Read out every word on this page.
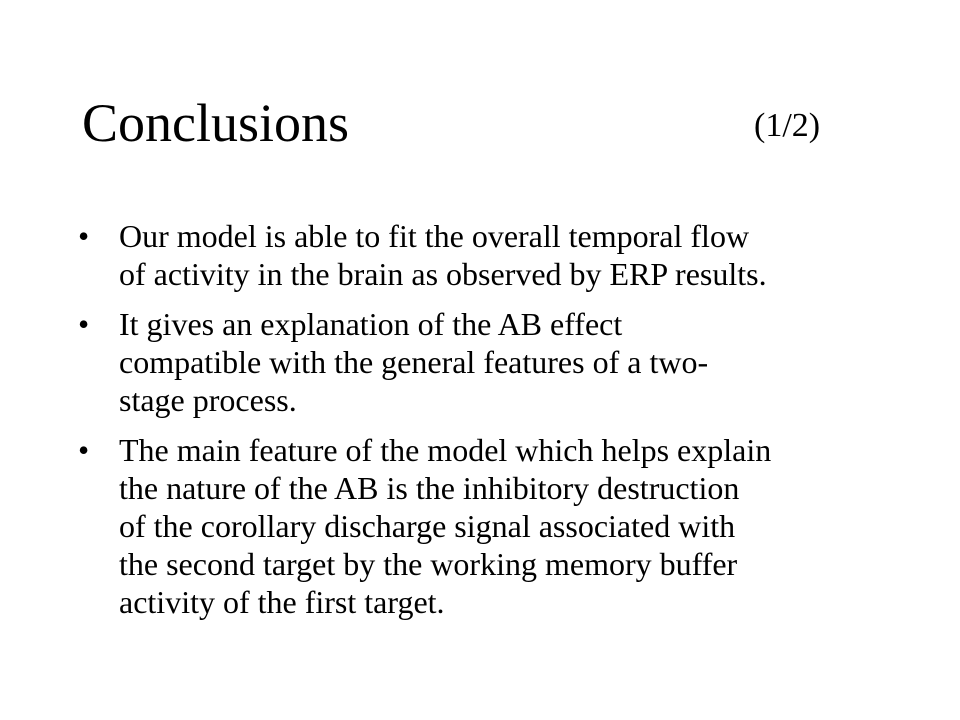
Conclusions	(1/2)
• Our model is able to fit the overall temporal flow
of activity in the brain as observed by ERP results.
• It gives an explanation of the AB effect
compatible with the general features of a two-
stage process.
• The main feature of the model which helps explain
the nature of the AB is the inhibitory destruction
of the corollary discharge signal associated with
the second target by the working memory buffer
activity of the first target.
